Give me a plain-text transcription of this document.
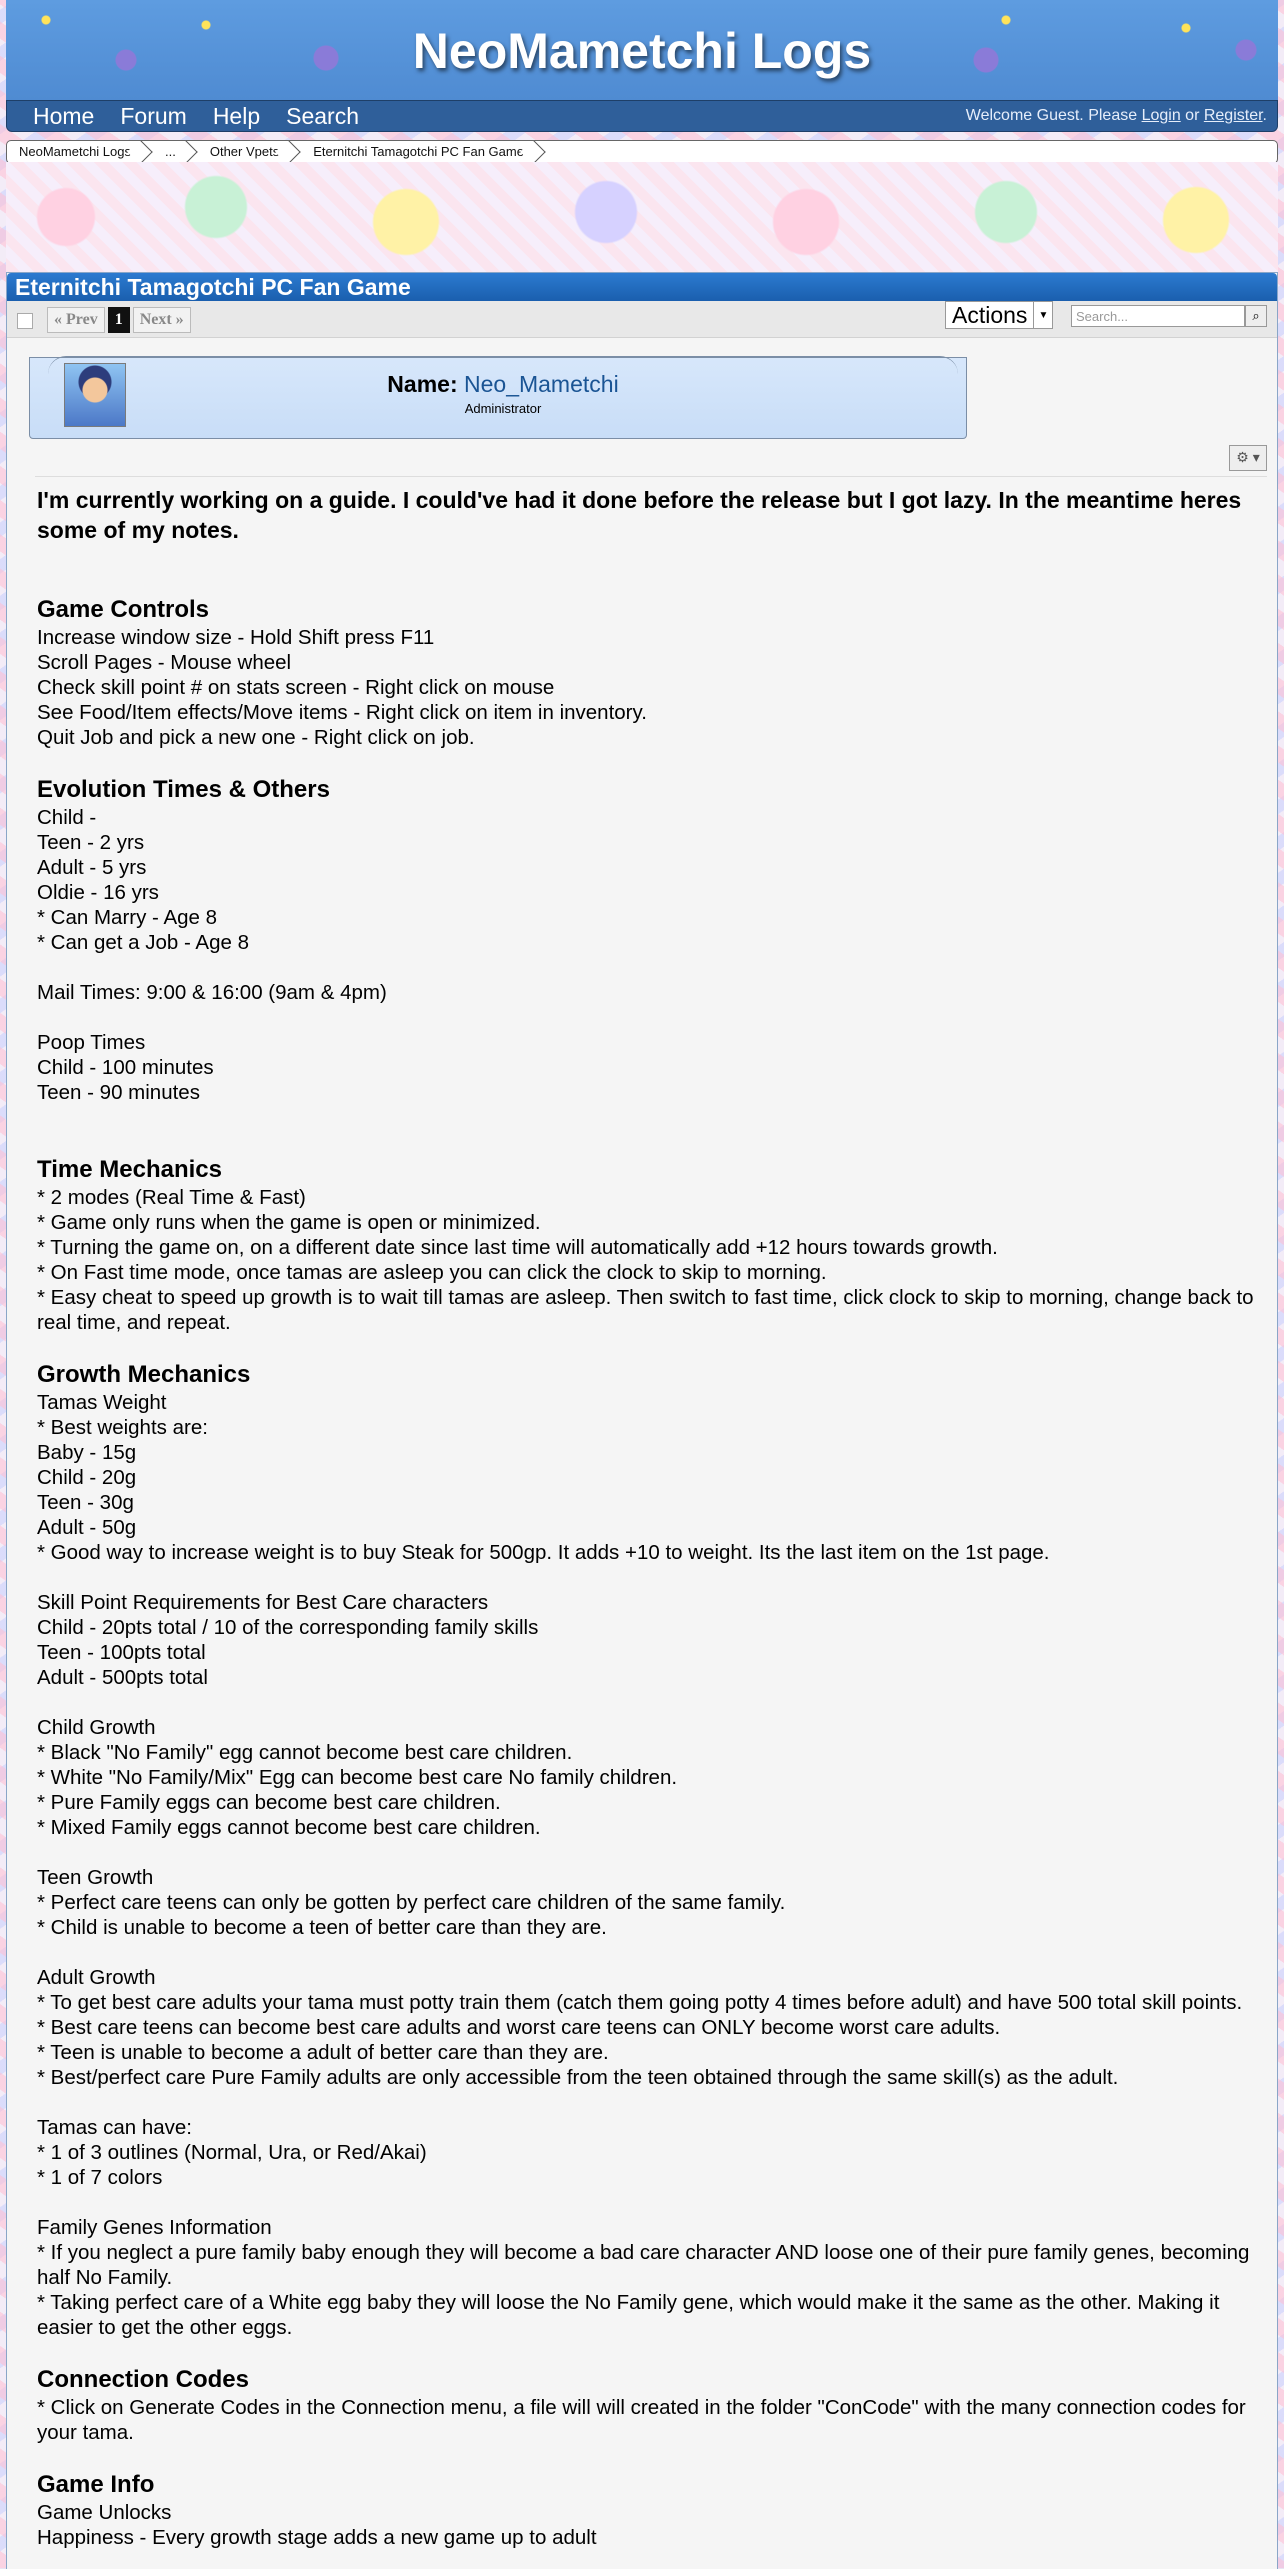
NeoMametchi Logs
Home Forum Help Search	Welcome Guest. Please Login or Register.
NeoMametchi Logs	...	Other Vpets	Eternitchi Tamagotchi PC Fan Game
Eternitchi Tamagotchi PC Fan Game
« Prev	1	Next »	Actions	▼	Search...	⌕
Name: Neo_Mametchi
Administrator
⚙ ▾
I'm currently working on a guide. I could've had it done before the release but I got lazy. In the meantime heres some of my notes.
Game Controls
Increase window size - Hold Shift press F11
Scroll Pages - Mouse wheel
Check skill point # on stats screen - Right click on mouse
See Food/Item effects/Move items - Right click on item in inventory.
Quit Job and pick a new one - Right click on job.
Evolution Times & Others
Child -
Teen - 2 yrs
Adult - 5 yrs
Oldie - 16 yrs
* Can Marry - Age 8
* Can get a Job - Age 8
Mail Times: 9:00 & 16:00 (9am & 4pm)
Poop Times
Child - 100 minutes
Teen - 90 minutes
Time Mechanics
* 2 modes (Real Time & Fast)
* Game only runs when the game is open or minimized.
* Turning the game on, on a different date since last time will automatically add +12 hours towards growth.
* On Fast time mode, once tamas are asleep you can click the clock to skip to morning.
* Easy cheat to speed up growth is to wait till tamas are asleep. Then switch to fast time, click clock to skip to morning, change back to real time, and repeat.
Growth Mechanics
Tamas Weight
* Best weights are:
Baby - 15g
Child - 20g
Teen - 30g
Adult - 50g
* Good way to increase weight is to buy Steak for 500gp. It adds +10 to weight. Its the last item on the 1st page.
Skill Point Requirements for Best Care characters
Child - 20pts total / 10 of the corresponding family skills
Teen - 100pts total
Adult - 500pts total
Child Growth
* Black "No Family" egg cannot become best care children.
* White "No Family/Mix" Egg can become best care No family children.
* Pure Family eggs can become best care children.
* Mixed Family eggs cannot become best care children.
Teen Growth
* Perfect care teens can only be gotten by perfect care children of the same family.
* Child is unable to become a teen of better care than they are.
Adult Growth
* To get best care adults your tama must potty train them (catch them going potty 4 times before adult) and have 500 total skill points.
* Best care teens can become best care adults and worst care teens can ONLY become worst care adults.
* Teen is unable to become a adult of better care than they are.
* Best/perfect care Pure Family adults are only accessible from the teen obtained through the same skill(s) as the adult.
Tamas can have:
* 1 of 3 outlines (Normal, Ura, or Red/Akai)
* 1 of 7 colors
Family Genes Information
* If you neglect a pure family baby enough they will become a bad care character AND loose one of their pure family genes, becoming half No Family.
* Taking perfect care of a White egg baby they will loose the No Family gene, which would make it the same as the other. Making it easier to get the other eggs.
Connection Codes
* Click on Generate Codes in the Connection menu, a file will will created in the folder "ConCode" with the many connection codes for your tama.
Game Info
Game Unlocks
Happiness - Every growth stage adds a new game up to adult
